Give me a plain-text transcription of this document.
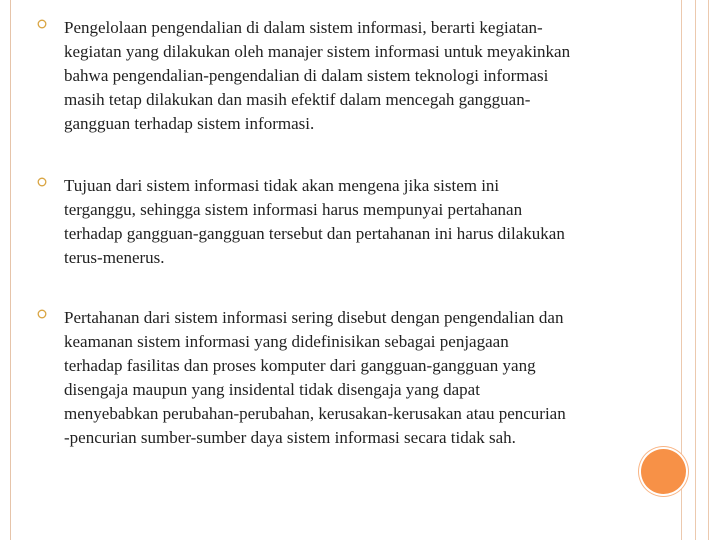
Pengelolaan pengendalian di dalam sistem informasi, berarti kegiatan-
kegiatan yang dilakukan oleh manajer sistem informasi untuk meyakinkan
bahwa pengendalian-pengendalian di dalam sistem teknologi informasi
masih tetap dilakukan dan masih efektif dalam mencegah gangguan-
gangguan terhadap sistem informasi.
Tujuan dari sistem informasi tidak akan mengena jika sistem ini
terganggu, sehingga sistem informasi harus mempunyai pertahanan
terhadap gangguan-gangguan tersebut dan pertahanan ini harus dilakukan
terus-menerus.
Pertahanan dari sistem informasi sering disebut dengan pengendalian dan
keamanan sistem informasi yang didefinisikan sebagai penjagaan
terhadap fasilitas dan proses komputer dari gangguan-gangguan yang
disengaja maupun yang insidental tidak disengaja yang dapat
menyebabkan perubahan-perubahan, kerusakan-kerusakan atau pencurian
-pencurian sumber-sumber daya sistem informasi secara tidak sah.
